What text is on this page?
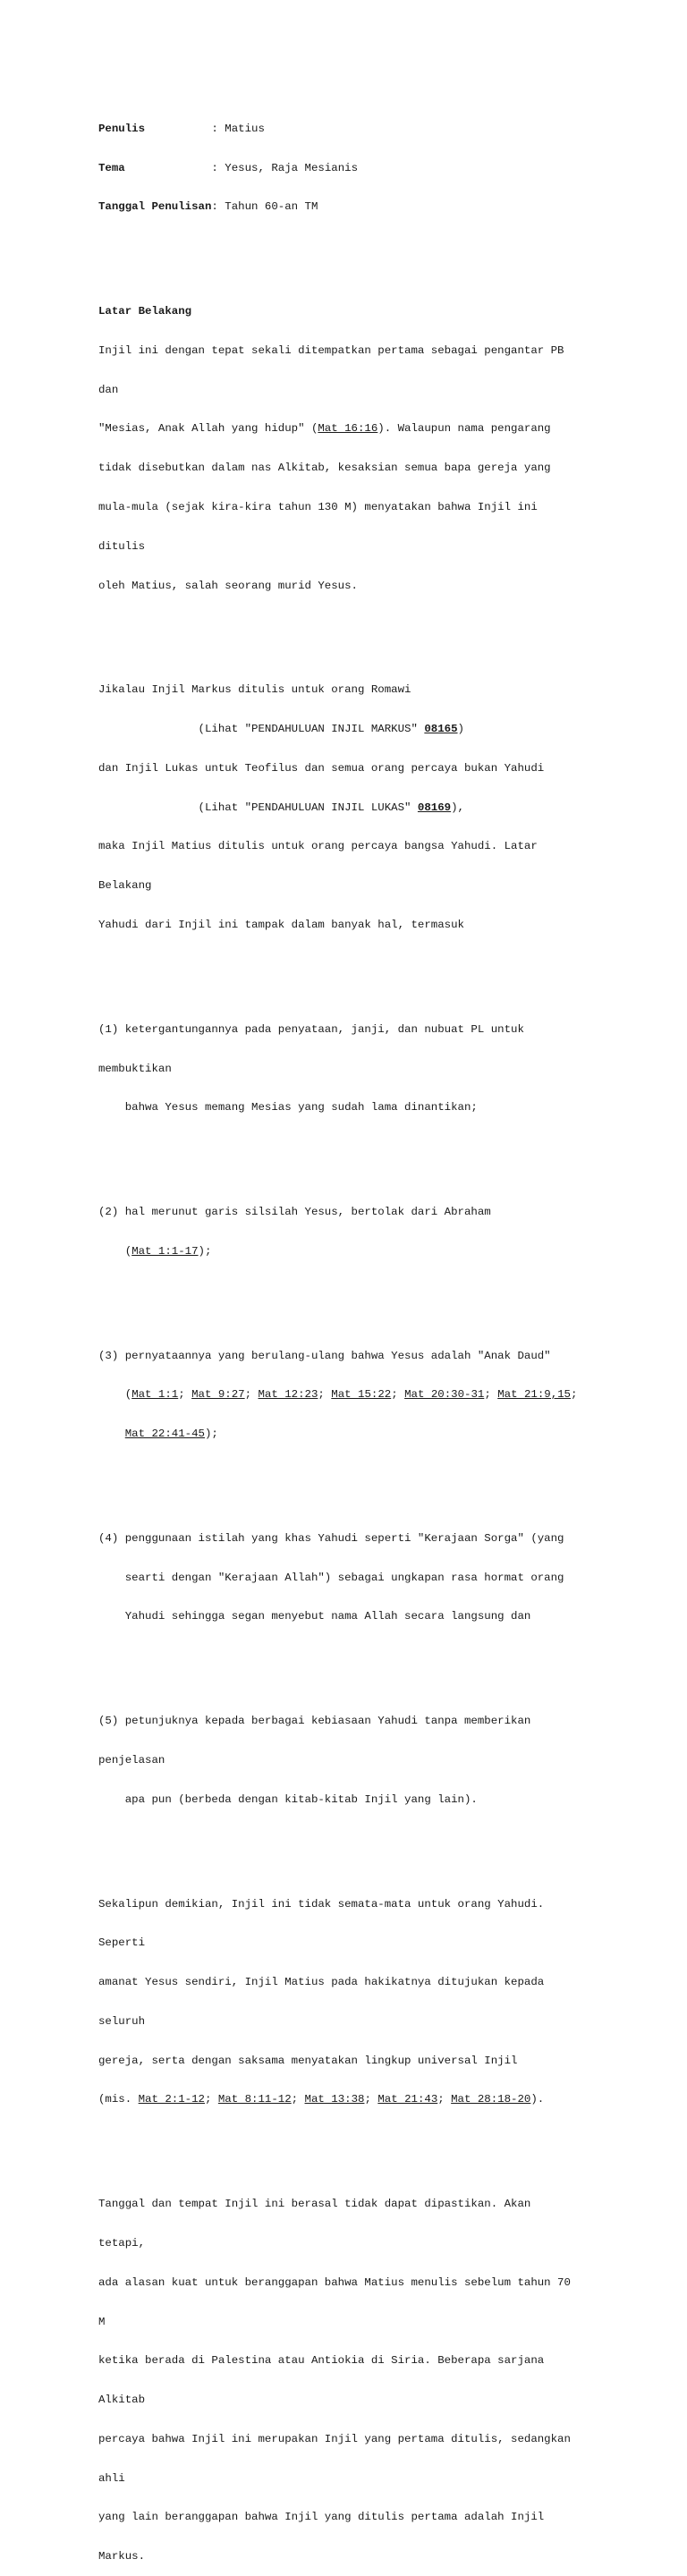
Penulis          : Matius

Tema             : Yesus, Raja Mesianis

Tanggal Penulisan: Tahun 60-an TM

Latar Belakang

Injil ini dengan tepat sekali ditempatkan pertama sebagai pengantar PB

dan

"Mesias, Anak Allah yang hidup" (Mat 16:16). Walaupun nama pengarang

tidak disebutkan dalam nas Alkitab, kesaksian semua bapa gereja yang

mula-mula (sejak kira-kira tahun 130 M) menyatakan bahwa Injil ini

ditulis

oleh Matius, salah seorang murid Yesus.

Jikalau Injil Markus ditulis untuk orang Romawi

(Lihat "PENDAHULUAN INJIL MARKUS" 08165)

dan Injil Lukas untuk Teofilus dan semua orang percaya bukan Yahudi

(Lihat "PENDAHULUAN INJIL LUKAS" 08169),

maka Injil Matius ditulis untuk orang percaya bangsa Yahudi. Latar

Belakang

Yahudi dari Injil ini tampak dalam banyak hal, termasuk

(1) ketergantungannya pada penyataan, janji, dan nubuat PL untuk

membuktikan

bahwa Yesus memang Mesias yang sudah lama dinantikan;

(2) hal merunut garis silsilah Yesus, bertolak dari Abraham

(Mat 1:1-17);

(3) pernyataannya yang berulang-ulang bahwa Yesus adalah "Anak Daud"

(Mat 1:1; Mat 9:27; Mat 12:23; Mat 15:22; Mat 20:30-31; Mat 21:9,15;

Mat 22:41-45);

(4) penggunaan istilah yang khas Yahudi seperti "Kerajaan Sorga" (yang

searti dengan "Kerajaan Allah") sebagai ungkapan rasa hormat orang

Yahudi sehingga segan menyebut nama Allah secara langsung dan

(5) petunjuknya kepada berbagai kebiasaan Yahudi tanpa memberikan

penjelasan

apa pun (berbeda dengan kitab-kitab Injil yang lain).

Sekalipun demikian, Injil ini tidak semata-mata untuk orang Yahudi.

Seperti

amanat Yesus sendiri, Injil Matius pada hakikatnya ditujukan kepada

seluruh

gereja, serta dengan saksama menyatakan lingkup universal Injil

(mis. Mat 2:1-12; Mat 8:11-12; Mat 13:38; Mat 21:43; Mat 28:18-20).

Tanggal dan tempat Injil ini berasal tidak dapat dipastikan. Akan

tetapi,

ada alasan kuat untuk beranggapan bahwa Matius menulis sebelum tahun 70

M

ketika berada di Palestina atau Antiokia di Siria. Beberapa sarjana

Alkitab

percaya bahwa Injil ini merupakan Injil yang pertama ditulis, sedangkan

ahli

yang lain beranggapan bahwa Injil yang ditulis pertama adalah Injil

Markus.
